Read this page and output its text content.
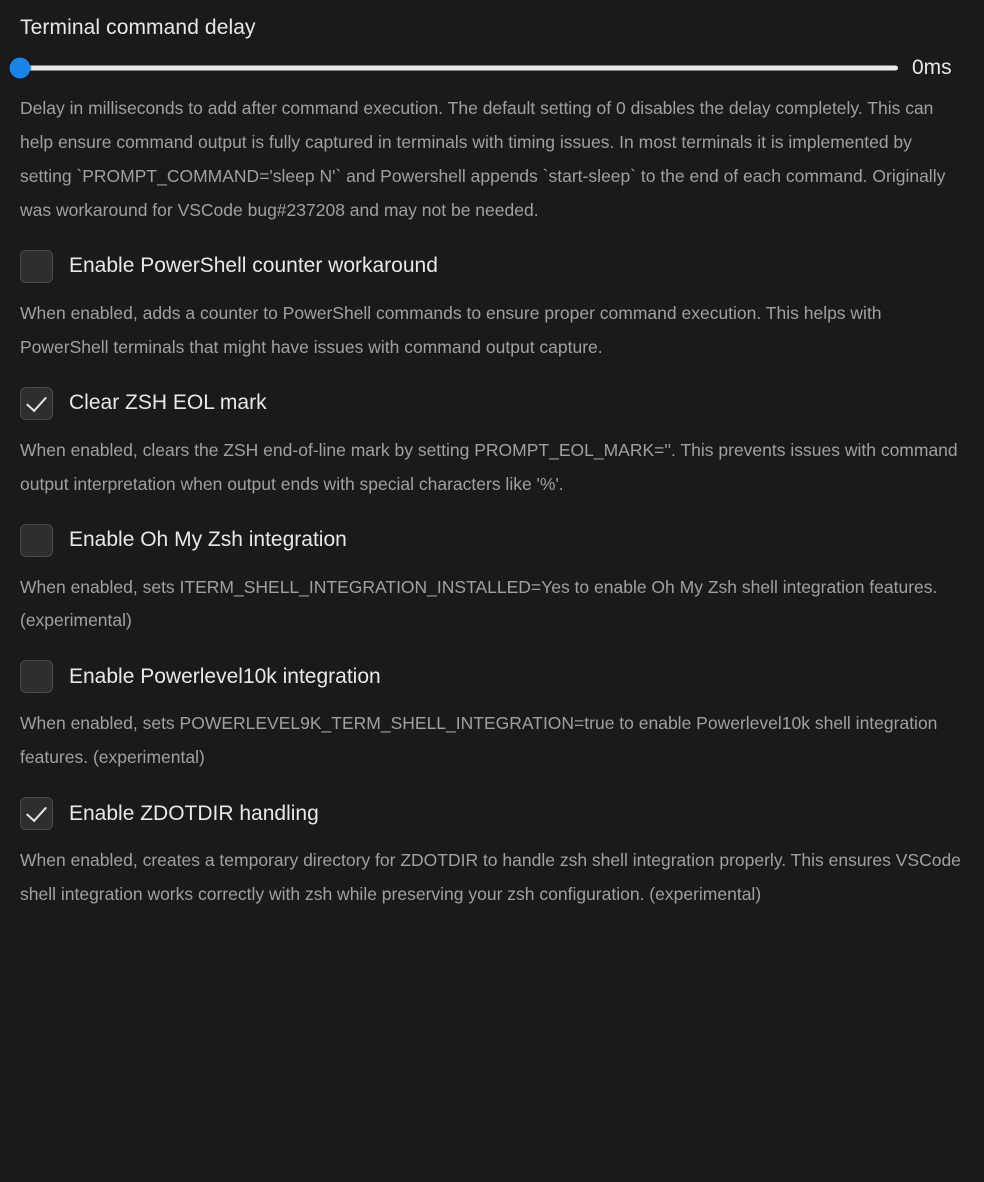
Terminal command delay
0ms

Delay in milliseconds to add after command execution. The default setting of 0 disables the delay completely. This can help ensure command output is fully captured in terminals with timing issues. In most terminals it is implemented by setting `PROMPT_COMMAND='sleep N'` and Powershell appends `start-sleep` to the end of each command. Originally was workaround for VSCode bug#237208 and may not be needed.

Enable PowerShell counter workaround

When enabled, adds a counter to PowerShell commands to ensure proper command execution. This helps with PowerShell terminals that might have issues with command output capture.

Clear ZSH EOL mark

When enabled, clears the ZSH end-of-line mark by setting PROMPT_EOL_MARK=''. This prevents issues with command output interpretation when output ends with special characters like '%'.

Enable Oh My Zsh integration

When enabled, sets ITERM_SHELL_INTEGRATION_INSTALLED=Yes to enable Oh My Zsh shell integration features. (experimental)

Enable Powerlevel10k integration

When enabled, sets POWERLEVEL9K_TERM_SHELL_INTEGRATION=true to enable Powerlevel10k shell integration features. (experimental)

Enable ZDOTDIR handling

When enabled, creates a temporary directory for ZDOTDIR to handle zsh shell integration properly. This ensures VSCode shell integration works correctly with zsh while preserving your zsh configuration. (experimental)
